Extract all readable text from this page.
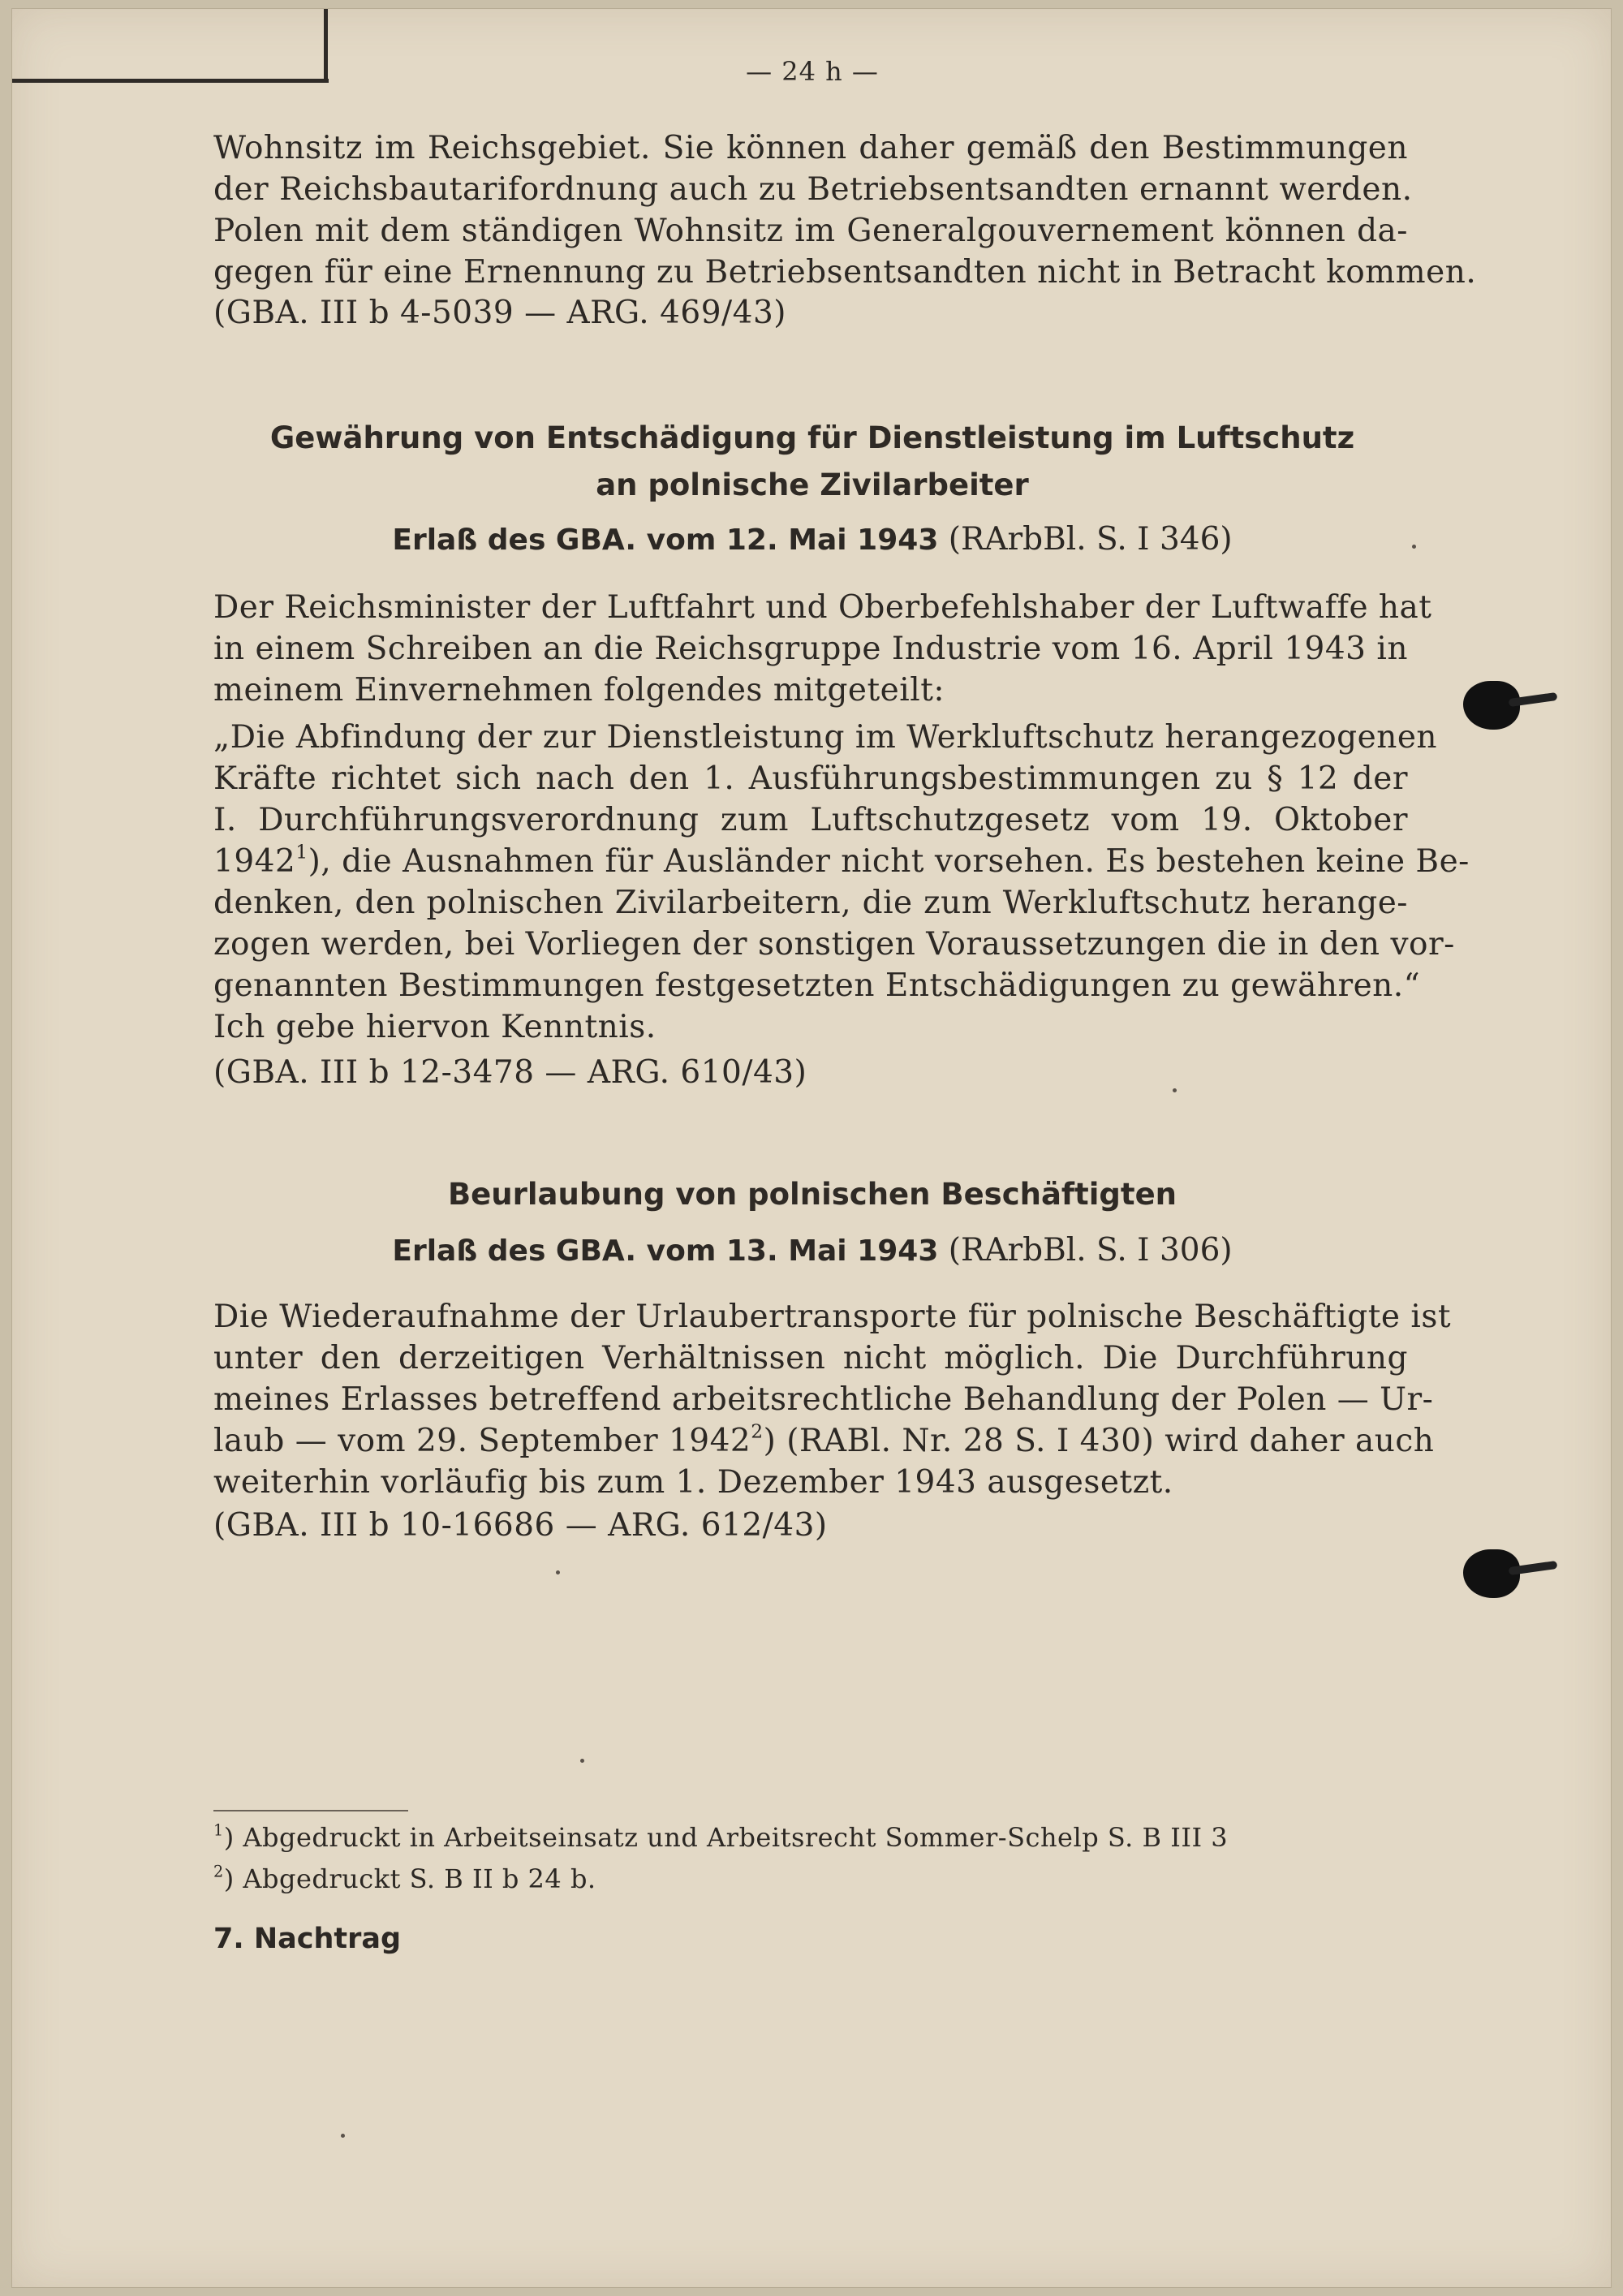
— 24 h —
Wohnsitz im Reichsgebiet. Sie können daher gemäß den Bestimmungen
der Reichsbautarifordnung auch zu Betriebsentsandten ernannt werden.
Polen mit dem ständigen Wohnsitz im Generalgouvernement können da-
gegen für eine Ernennung zu Betriebsentsandten nicht in Betracht kommen.
(GBA. III b 4-5039 — ARG. 469/43)
Gewährung von Entschädigung für Dienstleistung im Luftschutz
an polnische Zivilarbeiter
Erlaß des GBA. vom 12. Mai 1943 (RArbBl. S. I 346)
Der Reichsminister der Luftfahrt und Oberbefehlshaber der Luftwaffe hat
in einem Schreiben an die Reichsgruppe Industrie vom 16. April 1943 in
meinem Einvernehmen folgendes mitgeteilt:
„Die Abfindung der zur Dienstleistung im Werkluftschutz herangezogenen
Kräfte richtet sich nach den 1. Ausführungsbestimmungen zu § 12 der
I. Durchführungsverordnung zum Luftschutzgesetz vom 19. Oktober
1942$^1$), die Ausnahmen für Ausländer nicht vorsehen. Es bestehen keine Be-
denken, den polnischen Zivilarbeitern, die zum Werkluftschutz herange-
zogen werden, bei Vorliegen der sonstigen Voraussetzungen die in den vor-
genannten Bestimmungen festgesetzten Entschädigungen zu gewähren.“
Ich gebe hiervon Kenntnis.
(GBA. III b 12-3478 — ARG. 610/43)
Beurlaubung von polnischen Beschäftigten
Erlaß des GBA. vom 13. Mai 1943 (RArbBl. S. I 306)
Die Wiederaufnahme der Urlaubertransporte für polnische Beschäftigte ist
unter den derzeitigen Verhältnissen nicht möglich. Die Durchführung
meines Erlasses betreffend arbeitsrechtliche Behandlung der Polen — Ur-
laub — vom 29. September 1942$^2$) (RABl. Nr. 28 S. I 430) wird daher auch
weiterhin vorläufig bis zum 1. Dezember 1943 ausgesetzt.
(GBA. III b 10-16686 — ARG. 612/43)
$^1$) Abgedruckt in Arbeitseinsatz und Arbeitsrecht Sommer-Schelp S. B III 3
$^2$) Abgedruckt S. B II b 24 b.
7. Nachtrag
